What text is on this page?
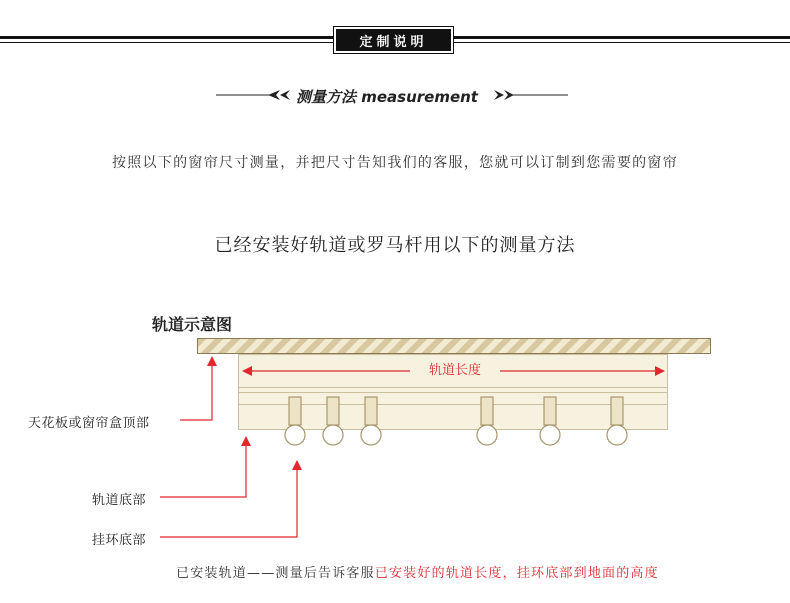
定制说明
测量方法 measurement
按照以下的窗帘尺寸测量，并把尺寸告知我们的客服，您就可以订制到您需要的窗帘
已经安装好轨道或罗马杆用以下的测量方法
轨道示意图
轨道长度
天花板或窗帘盒顶部
轨道底部
挂环底部
已安装轨道——测量后告诉客服已安装好的轨道长度，挂环底部到地面的高度
